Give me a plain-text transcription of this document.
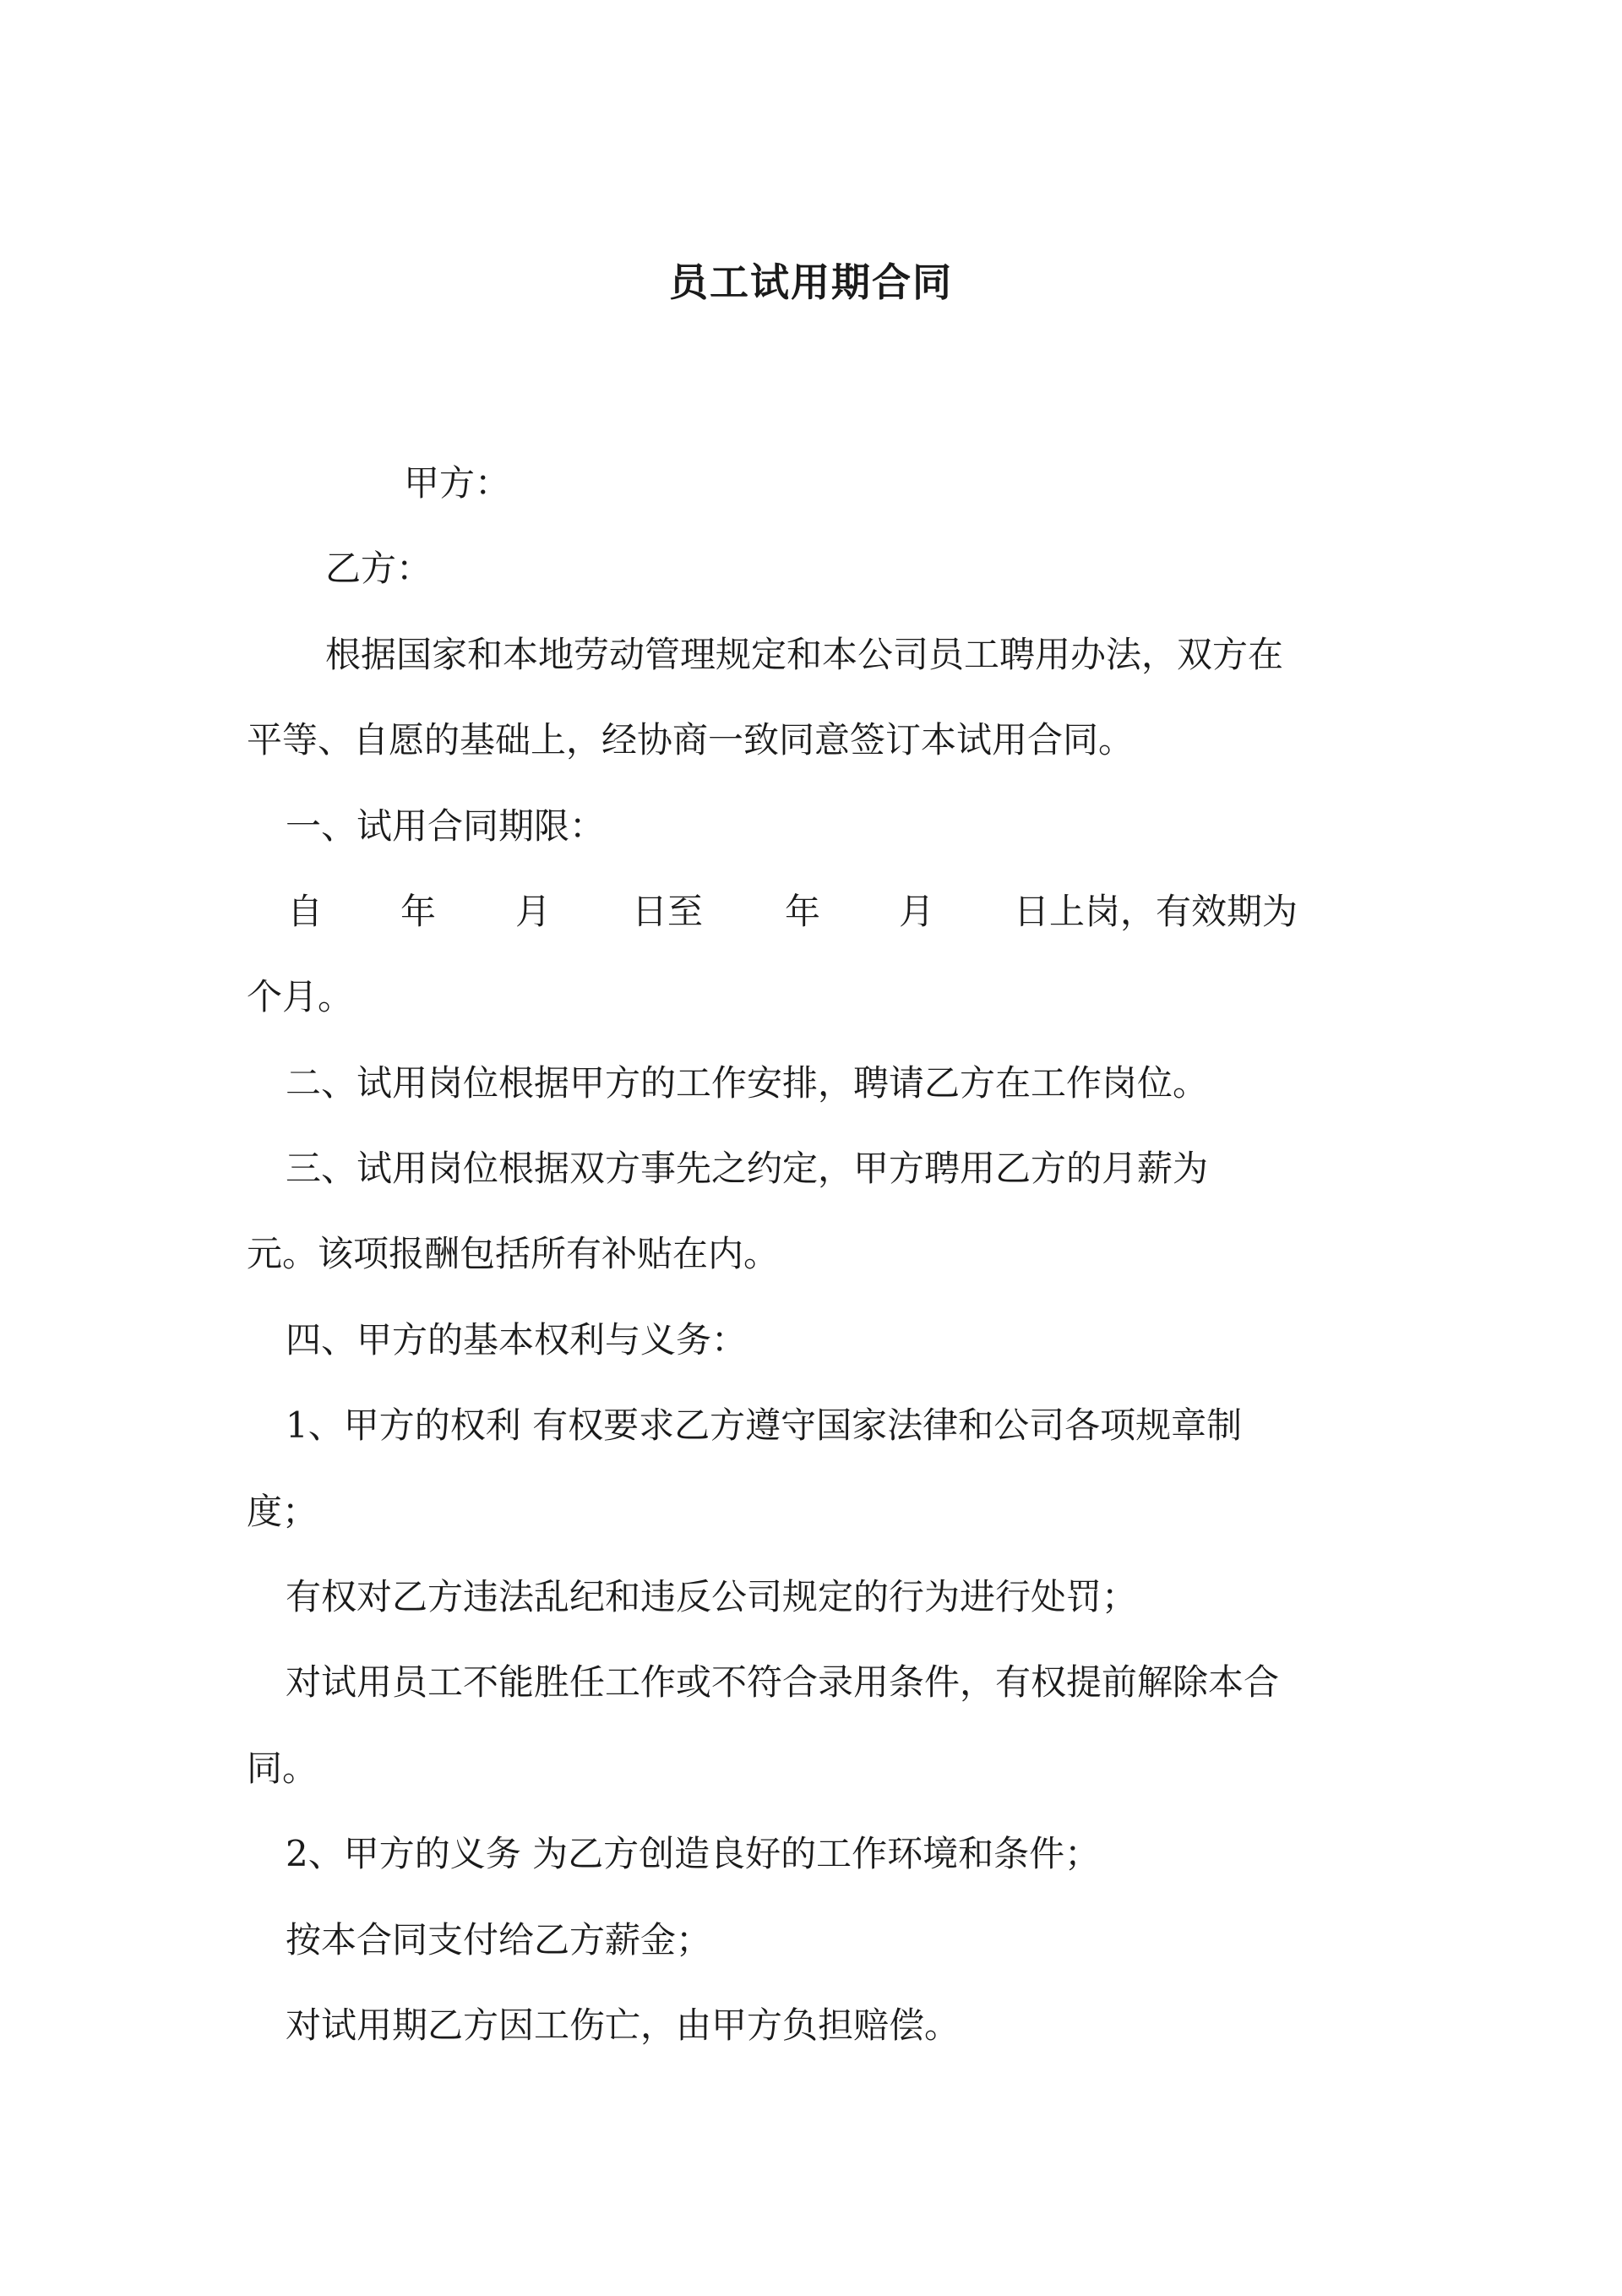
员工试用期合同

甲方：

乙方：

根据国家和本地劳动管理规定和本公司员工聘用办法，双方在

平等、自愿的基础上，经协商一致同意签订本试用合同。

一、试用合同期限：

自 年 月 日至 年 月 日上岗，有效期为

个月。

二、试用岗位根据甲方的工作安排，聘请乙方在工作岗位。

三、试用岗位根据双方事先之约定，甲方聘用乙方的月薪为

元。该项报酬包括所有补贴在内。

四、甲方的基本权利与义务：

1、甲方的权利 有权要求乙方遵守国家法律和公司各项规章制

度；

有权对乙方违法乱纪和违反公司规定的行为进行处罚；

对试用员工不能胜任工作或不符合录用条件，有权提前解除本合

同。

2、甲方的义务 为乙方创造良好的工作环境和条件；

按本合同支付给乙方薪金；

对试用期乙方因工伤亡，由甲方负担赔偿。
